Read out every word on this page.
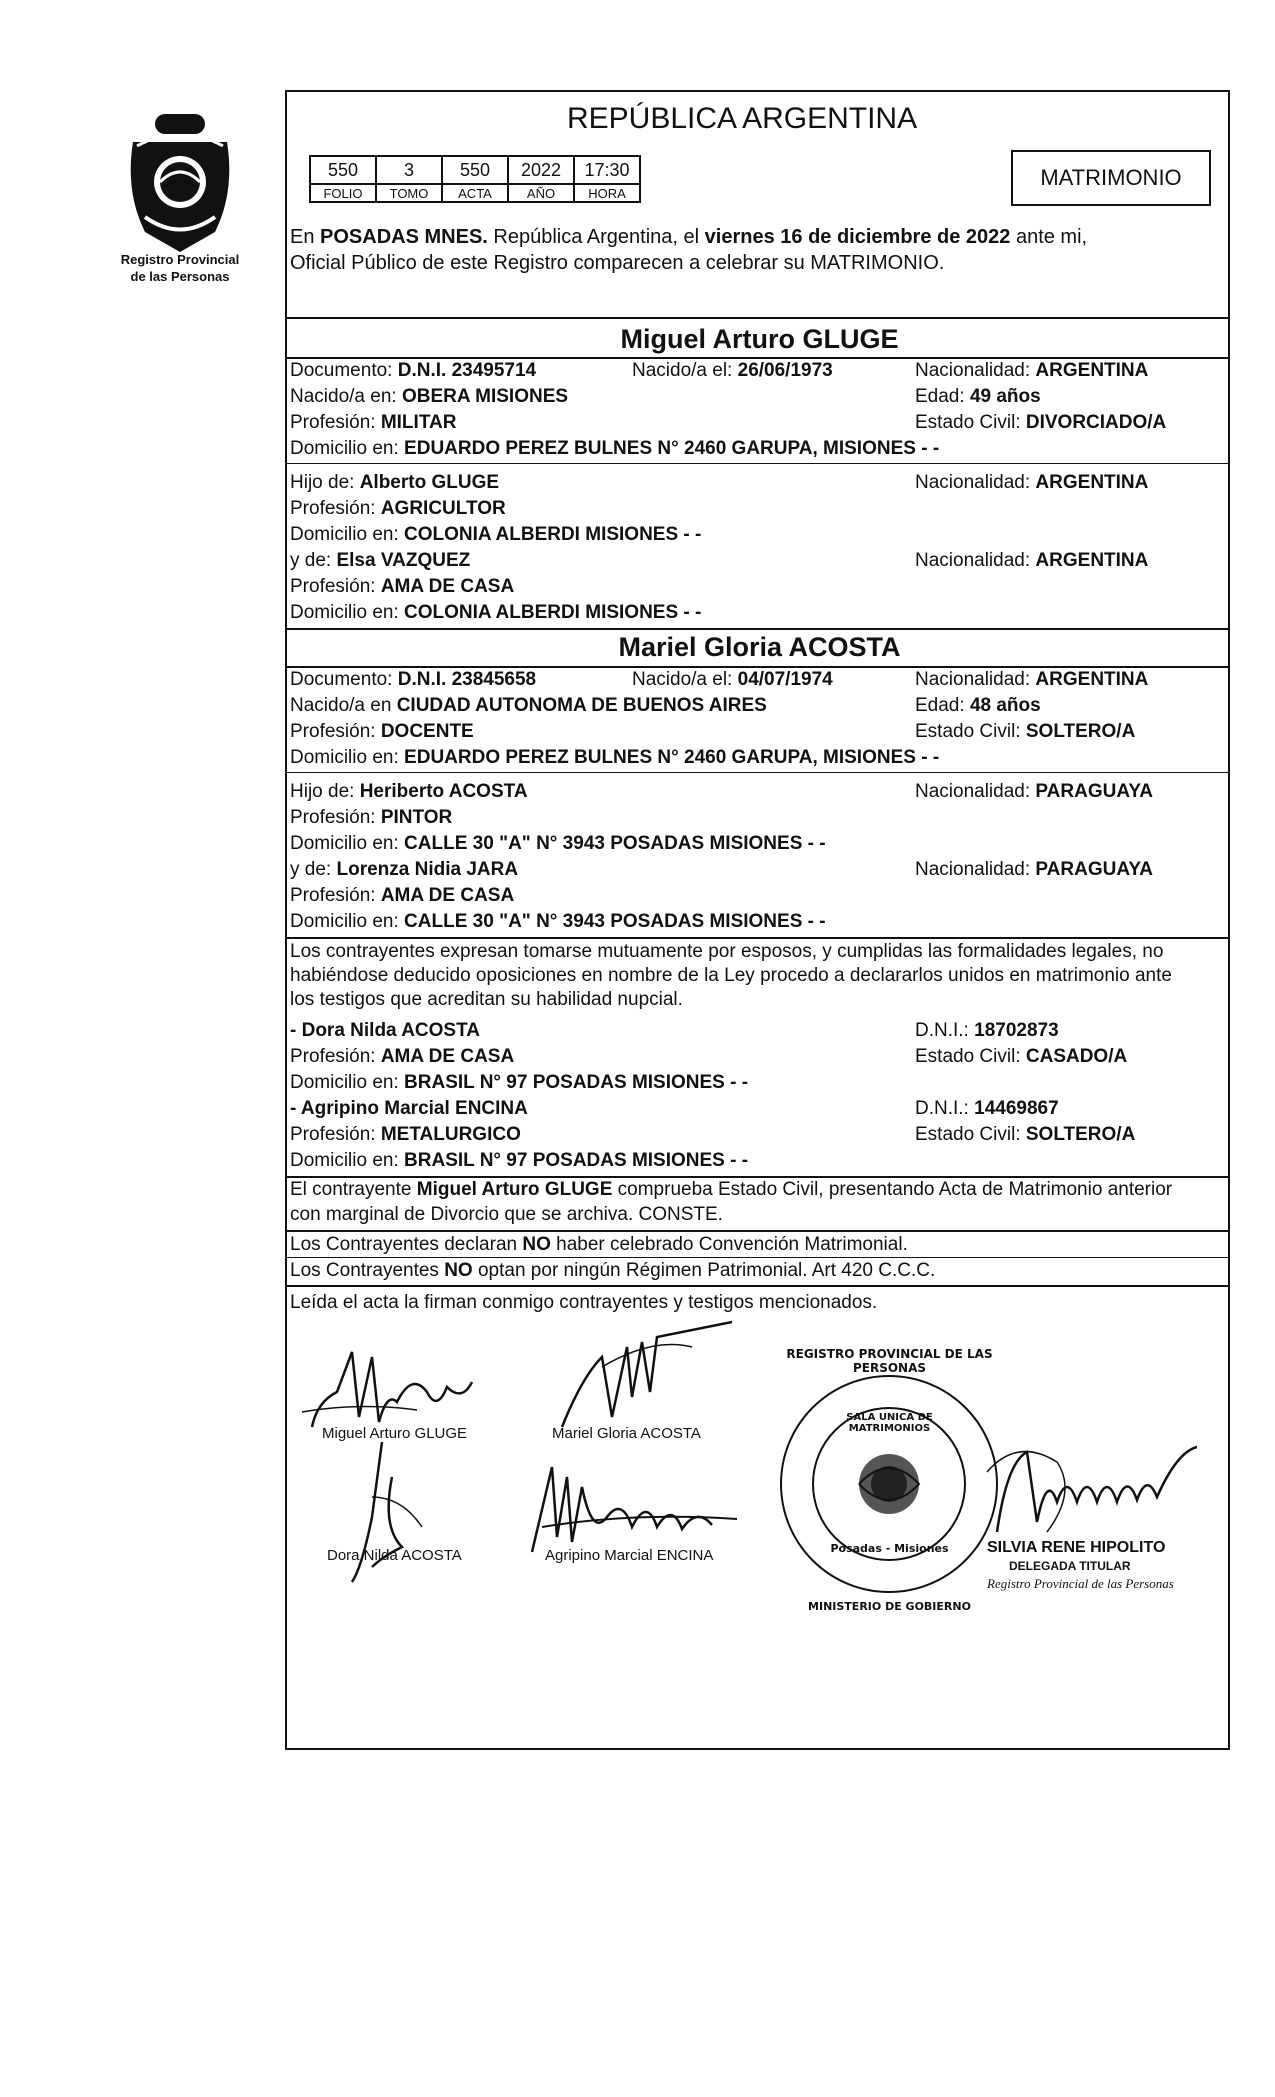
Registro Provincial
de las Personas
REPÚBLICA ARGENTINA
550	3	550	2022	17:30
FOLIO	TOMO	ACTA	AÑO	HORA
MATRIMONIO
En POSADAS MNES. República Argentina, el viernes 16 de diciembre de 2022 ante mi,
Oficial Público de este Registro comparecen a celebrar su MATRIMONIO.
Miguel Arturo GLUGE
Documento: D.N.I. 23495714	Nacido/a el: 26/06/1973	Nacionalidad: ARGENTINA
Nacido/a en: OBERA MISIONES	Edad: 49 años
Profesión: MILITAR	Estado Civil: DIVORCIADO/A
Domicilio en: EDUARDO PEREZ BULNES N° 2460 GARUPA, MISIONES - -
Hijo de: Alberto GLUGE	Nacionalidad: ARGENTINA
Profesión: AGRICULTOR
Domicilio en: COLONIA ALBERDI MISIONES - -
y de: Elsa VAZQUEZ	Nacionalidad: ARGENTINA
Profesión: AMA DE CASA
Domicilio en: COLONIA ALBERDI MISIONES - -
Mariel Gloria ACOSTA
Documento: D.N.I. 23845658	Nacido/a el: 04/07/1974	Nacionalidad: ARGENTINA
Nacido/a en CIUDAD AUTONOMA DE BUENOS AIRES	Edad: 48 años
Profesión: DOCENTE	Estado Civil: SOLTERO/A
Domicilio en: EDUARDO PEREZ BULNES N° 2460 GARUPA, MISIONES - -
Hijo de: Heriberto ACOSTA	Nacionalidad: PARAGUAYA
Profesión: PINTOR
Domicilio en: CALLE 30 "A" N° 3943 POSADAS MISIONES - -
y de: Lorenza Nidia JARA	Nacionalidad: PARAGUAYA
Profesión: AMA DE CASA
Domicilio en: CALLE 30 "A" N° 3943 POSADAS MISIONES - -
Los contrayentes expresan tomarse mutuamente por esposos, y cumplidas las formalidades legales, no
habiéndose deducido oposiciones en nombre de la Ley procedo a declararlos unidos en matrimonio ante
los testigos que acreditan su habilidad nupcial.
- Dora Nilda ACOSTA	D.N.I.: 18702873
Profesión: AMA DE CASA	Estado Civil: CASADO/A
Domicilio en: BRASIL N° 97 POSADAS MISIONES - -
- Agripino Marcial ENCINA	D.N.I.: 14469867
Profesión: METALURGICO	Estado Civil: SOLTERO/A
Domicilio en: BRASIL N° 97 POSADAS MISIONES - -
El contrayente Miguel Arturo GLUGE comprueba Estado Civil, presentando Acta de Matrimonio anterior
con marginal de Divorcio que se archiva. CONSTE.
Los Contrayentes declaran NO haber celebrado Convención Matrimonial.
Los Contrayentes NO optan por ningún Régimen Patrimonial. Art 420 C.C.C.
Leída el acta la firman conmigo contrayentes y testigos mencionados.
Miguel Arturo GLUGE	Mariel Gloria ACOSTA
Dora Nilda ACOSTA	Agripino Marcial ENCINA
REGISTRO PROVINCIAL DE LAS PERSONAS
SALA UNICA DE MATRIMONIOS
Posadas - Misiones
MINISTERIO DE GOBIERNO
SILVIA RENE HIPOLITO
DELEGADA TITULAR
Registro Provincial de las Personas
